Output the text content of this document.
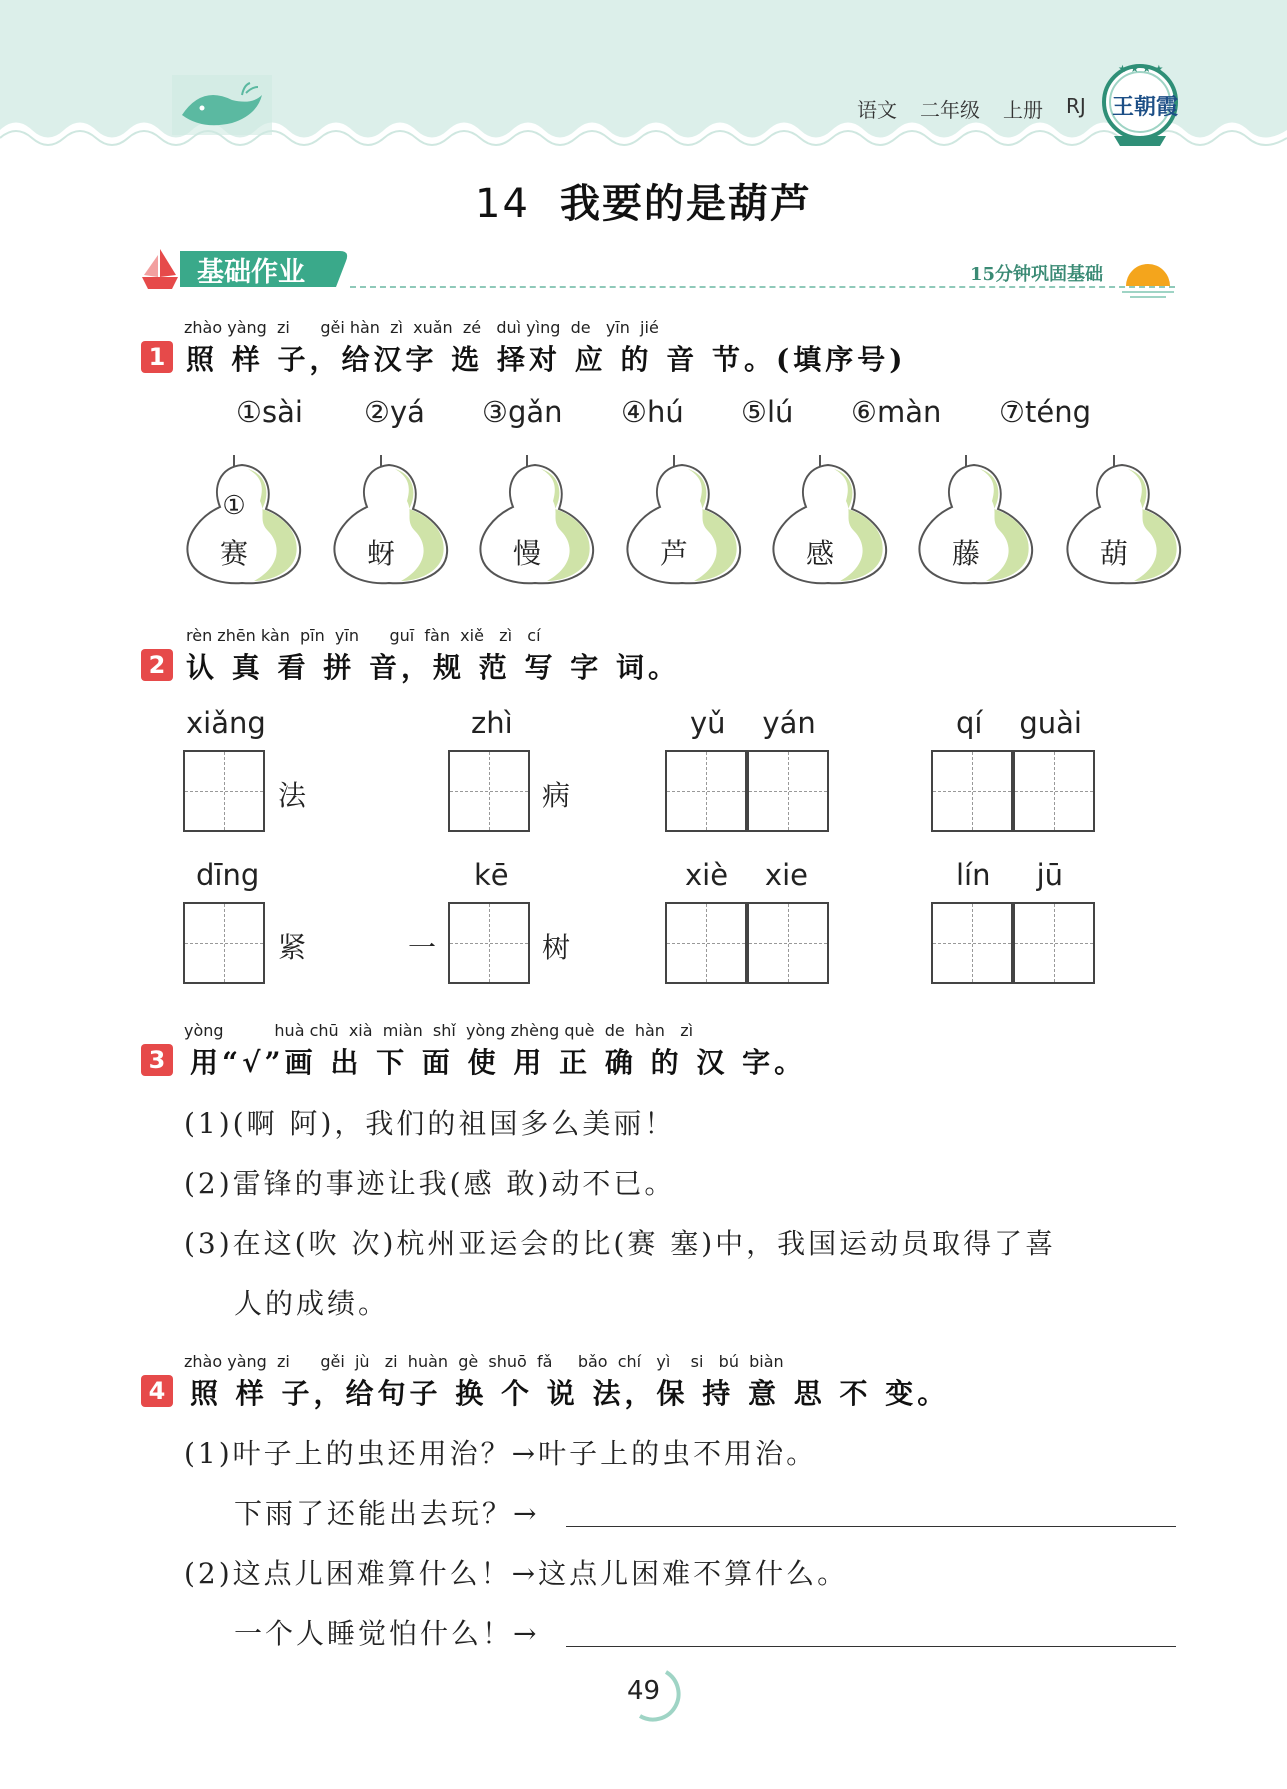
语文 二年级 上册 RJ
★ ★ ★ ★
王朝霞
14 我要的是葫芦
基础作业	15分钟巩固基础
zhào yàng  zi      gěi hàn  zì  xuǎn  zé   duì yìng  de   yīn  jié
1 照 样 子，给汉字 选 择对 应 的 音 节。(填序号)
①sài ②yá ③gǎn ④hú ⑤lú ⑥màn ⑦téng
①
赛	蚜	慢	芦	感	藤	葫
rèn zhēn kàn  pīn  yīn      guī  fàn  xiě   zì   cí
2 认 真 看 拼 音，规 范 写 字 词。
xiǎng
法
zhì
病
yǔ    yán	qí    guài
dīng
紧
kē
一	树
xiè    xie	lín     jū
yòng          huà chū  xià  miàn  shǐ  yòng zhèng què  de  hàn   zì
3 用“√”画 出 下 面 使 用 正 确 的 汉 字。
(1)(啊 阿)，我们的祖国多么美丽！
(2)雷锋的事迹让我(感 敢)动不已。
(3)在这(吹 次)杭州亚运会的比(赛 塞)中，我国运动员取得了喜
人的成绩。
zhào yàng  zi      gěi  jù   zi  huàn  gè  shuō  fǎ     bǎo  chí   yì    si   bú  biàn
4 照 样 子，给句子 换 个 说 法，保 持 意 思 不 变。
(1)叶子上的虫还用治？→叶子上的虫不用治。
下雨了还能出去玩？→
(2)这点儿困难算什么！→这点儿困难不算什么。
一个人睡觉怕什么！→
49
